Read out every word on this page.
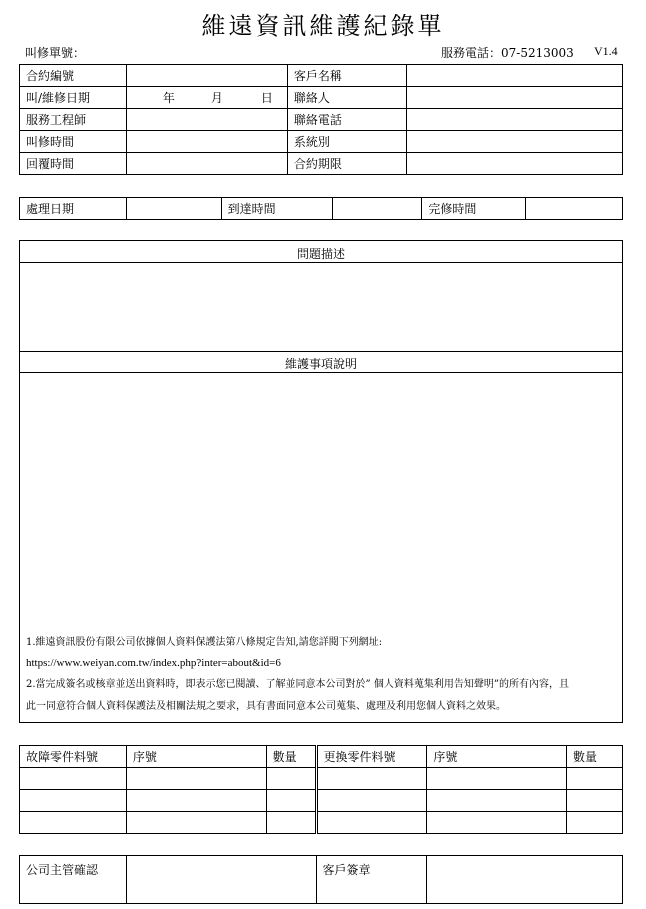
維遠資訊維護紀錄單
叫修單號：	服務電話：07-5213003 V1.4
合約編號		客戶名稱	
叫/維修日期	年 月 日	聯絡人	
服務工程師		聯絡電話	
叫修時間		系統別	
回覆時間		合約期限	
處理日期		到達時間		完修時間	
問題描述
維護事項說明
1.維遠資訊股份有限公司依據個人資料保護法第八條規定告知,請您詳閱下列網址:
https://www.weiyan.com.tw/index.php?inter=about&id=6
2.當完成簽名或核章並送出資料時，即表示您已閱讀、了解並同意本公司對於” 個人資料蒐集利用告知聲明”的所有內容，且
此一同意符合個人資料保護法及相關法規之要求，具有書面同意本公司蒐集、處理及利用您個人資料之效果。
故障零件料號	序號	數量	更換零件料號	序號	數量

公司主管確認		客戶簽章	
